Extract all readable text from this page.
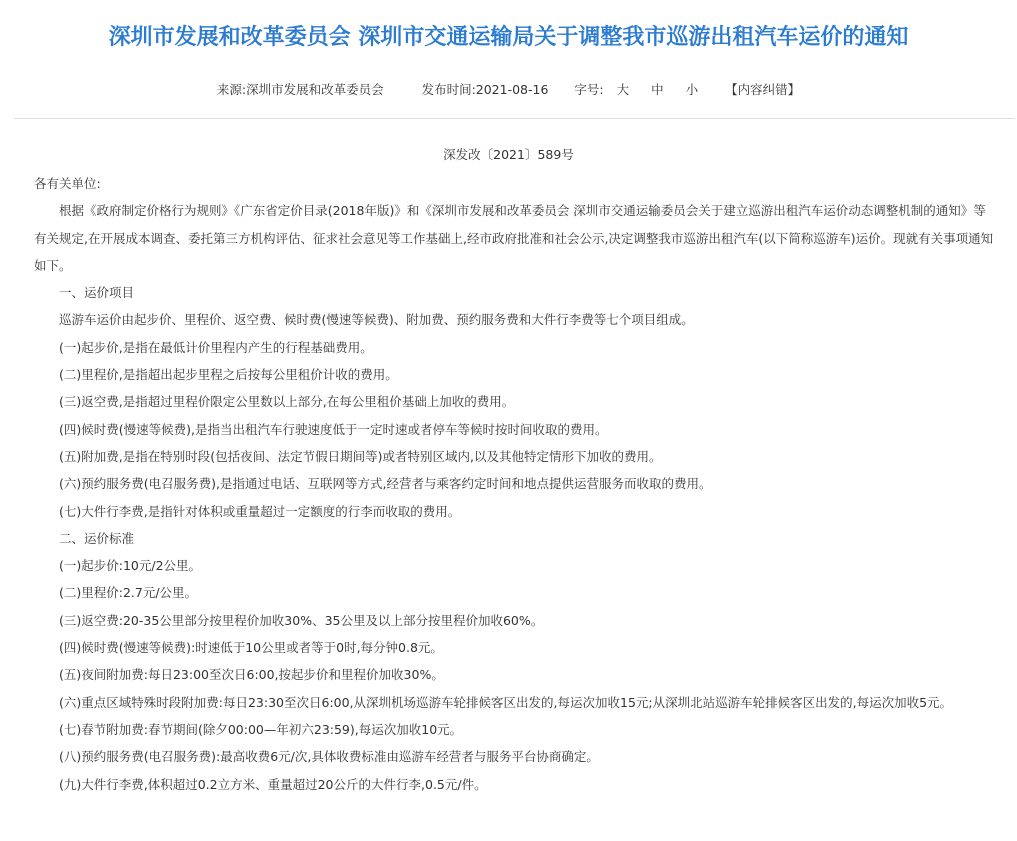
深圳市发展和改革委员会 深圳市交通运输局关于调整我市巡游出租汽车运价的通知
来源:深圳市发展和改革委员会	发布时间:2021-08-16 字号: 大 中 小 【内容纠错】
深发改〔2021〕589号

各有关单位:

根据《政府制定价格行为规则》《广东省定价目录(2018年版)》和《深圳市发展和改革委员会 深圳市交通运输委员会关于建立巡游出租汽车运价动态调整机制的通知》等有关规定,在开展成本调查、委托第三方机构评估、征求社会意见等工作基础上,经市政府批准和社会公示,决定调整我市巡游出租汽车(以下简称巡游车)运价。现就有关事项通知如下。

一、运价项目

巡游车运价由起步价、里程价、返空费、候时费(慢速等候费)、附加费、预约服务费和大件行李费等七个项目组成。

(一)起步价,是指在最低计价里程内产生的行程基础费用。

(二)里程价,是指超出起步里程之后按每公里租价计收的费用。

(三)返空费,是指超过里程价限定公里数以上部分,在每公里租价基础上加收的费用。

(四)候时费(慢速等候费),是指当出租汽车行驶速度低于一定时速或者停车等候时按时间收取的费用。

(五)附加费,是指在特别时段(包括夜间、法定节假日期间等)或者特别区域内,以及其他特定情形下加收的费用。

(六)预约服务费(电召服务费),是指通过电话、互联网等方式,经营者与乘客约定时间和地点提供运营服务而收取的费用。

(七)大件行李费,是指针对体积或重量超过一定额度的行李而收取的费用。

二、运价标准

(一)起步价:10元/2公里。

(二)里程价:2.7元/公里。

(三)返空费:20-35公里部分按里程价加收30%、35公里及以上部分按里程价加收60%。

(四)候时费(慢速等候费):时速低于10公里或者等于0时,每分钟0.8元。

(五)夜间附加费:每日23:00至次日6:00,按起步价和里程价加收30%。

(六)重点区域特殊时段附加费:每日23:30至次日6:00,从深圳机场巡游车轮排候客区出发的,每运次加收15元;从深圳北站巡游车轮排候客区出发的,每运次加收5元。

(七)春节附加费:春节期间(除夕00:00—年初六23:59),每运次加收10元。

(八)预约服务费(电召服务费):最高收费6元/次,具体收费标准由巡游车经营者与服务平台协商确定。

(九)大件行李费,体积超过0.2立方米、重量超过20公斤的大件行李,0.5元/件。
